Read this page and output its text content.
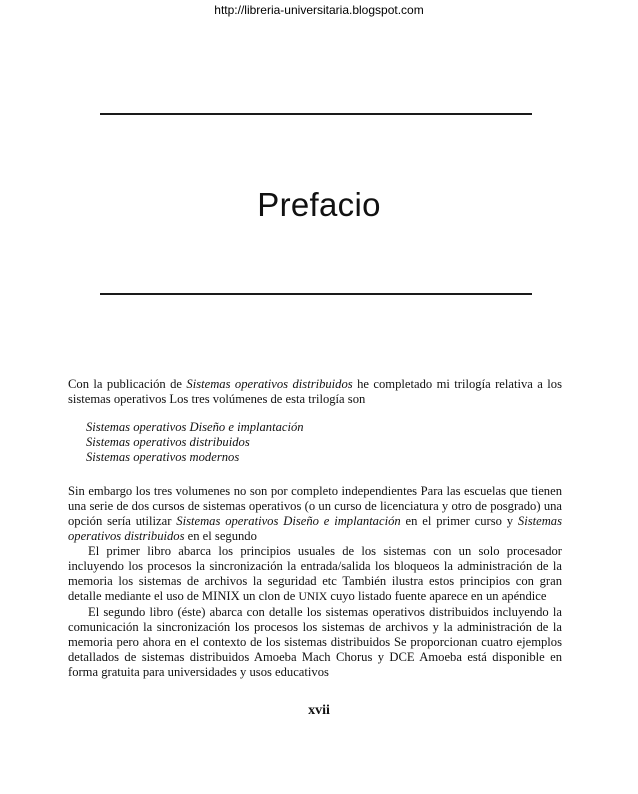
http://libreria-universitaria.blogspot.com
Prefacio

Con la publicación de Sistemas operativos distribuidos he completado mi trilogía relativa a los sistemas operativos Los tres volúmenes de esta trilogía son

Sistemas operativos Diseño e implantación
Sistemas operativos distribuidos
Sistemas operativos modernos

Sin embargo los tres volumenes no son por completo independientes Para las escuelas que tienen una serie de dos cursos de sistemas operativos (o un curso de licenciatura y otro de posgrado) una opción sería utilizar Sistemas operativos Diseño e implantación en el primer curso y Sistemas operativos distribuidos en el segundo

El primer libro abarca los principios usuales de los sistemas con un solo procesador incluyendo los procesos la sincronización la entrada/salida los bloqueos la administración de la memoria los sistemas de archivos la seguridad etc También ilustra estos principios con gran detalle mediante el uso de MINIX un clon de UNIX cuyo listado fuente aparece en un apéndice

El segundo libro (éste) abarca con detalle los sistemas operativos distribuidos incluyendo la comunicación la sincronización los procesos los sistemas de archivos y la administración de la memoria pero ahora en el contexto de los sistemas distribuidos Se proporcionan cuatro ejemplos detallados de sistemas distribuidos Amoeba Mach Chorus y DCE Amoeba está disponible en forma gratuita para universidades y usos educativos

xvii
